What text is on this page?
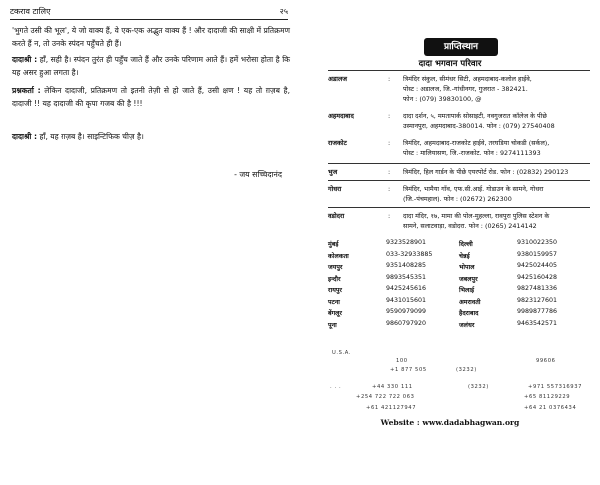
टकराव टालिए	२५
'भुगते उसी की भूल', ये जो वाक्य हैं, वे एक-एक अद्भुत वाक्य हैं ! और दादाजी की साक्षी में प्रतिक्रमण करते हैं न, तो उनके स्पंदन पहुँचते ही हैं।
दादाश्री : हाँ, सही है। स्पंदन तुरंत ही पहुँच जाते हैं और उनके परिणाम आते हैं। हमें भरोसा होता है कि यह असर हुआ लगता है।
प्रश्नकर्ता : लेकिन दादाजी, प्रतिक्रमण तो इतनी तेज़ी से हो जाते हैं, उसी क्षण ! यह तो ग़ज़ब है, दादाजी !! यह दादाजी की कृपा गजब की है !!!
दादाश्री : हाँ, यह ग़ज़ब है। साइन्टिफिक चीज़ है।
- जय सच्चिदानंद
प्राप्तिस्थान
दादा भगवान परिवार
अडालज	: त्रिमंदिर संकुल, सीमंधर सिटी, अहमदाबाद-कलोल हाईवे,
पोस्ट : अडालज, जि.-गांधीनगर, गुजरात - 382421.
फोन : (079) 39830100, @
अहमदाबाद	: दादा दर्शन, ५, ममतापार्क सोसाइटी, नवगुजरात कॉलेज के पीछे
उस्मानपुरा, अहमदाबाद-380014. फोन : (079) 27540408
राजकोट	: त्रिमंदिर, अहमदाबाद-राजकोट हाईवे, तरघडिया चोकडी (सर्कल),
पोस्ट : मालियासण, जि.-राजकोट. फोन : 9274111393
भुज	: त्रिमंदिर, हिल गार्डन के पीछे एयरपोर्ट रोड. फोन : (02832) 290123
गोधरा	: त्रिमंदिर, भामैया गाँव, एफ.सी.आई. गोडाउन के सामने, गोधरा
(जि.-पंचमहाल). फोन : (02672) 262300
वडोदरा	: दादा मंदिर, १७, मामा की पोल-मुहल्ला, रावपुरा पुलिस स्टेशन के
सामने, सलाटवाड़ा, वडोदरा. फोन : (0265) 2414142
मुंबई	9323528901	दिल्ली	9310022350
कोलकता	033-32933885	चेन्नई	9380159957
जयपुर	9351408285	भोपाल	9425024405
इन्दौर	9893545351	जबलपुर	9425160428
रायपुर	9425245616	भिलाई	9827481336
पटना	9431015601	अमरावती	9823127601
बेंगलूर	9590979099	हैदराबाद	9989877786
पूना	9860797920	जलंधर	9463542571
U.S.A.
100	99606
+1 877 505	(3232)
. . .	+44 330 111	(3232)	+971 557316937
+254 722 722 063	+65 81129229
+61 421127947	+64 21 0376434
Website : www.dadabhagwan.org
